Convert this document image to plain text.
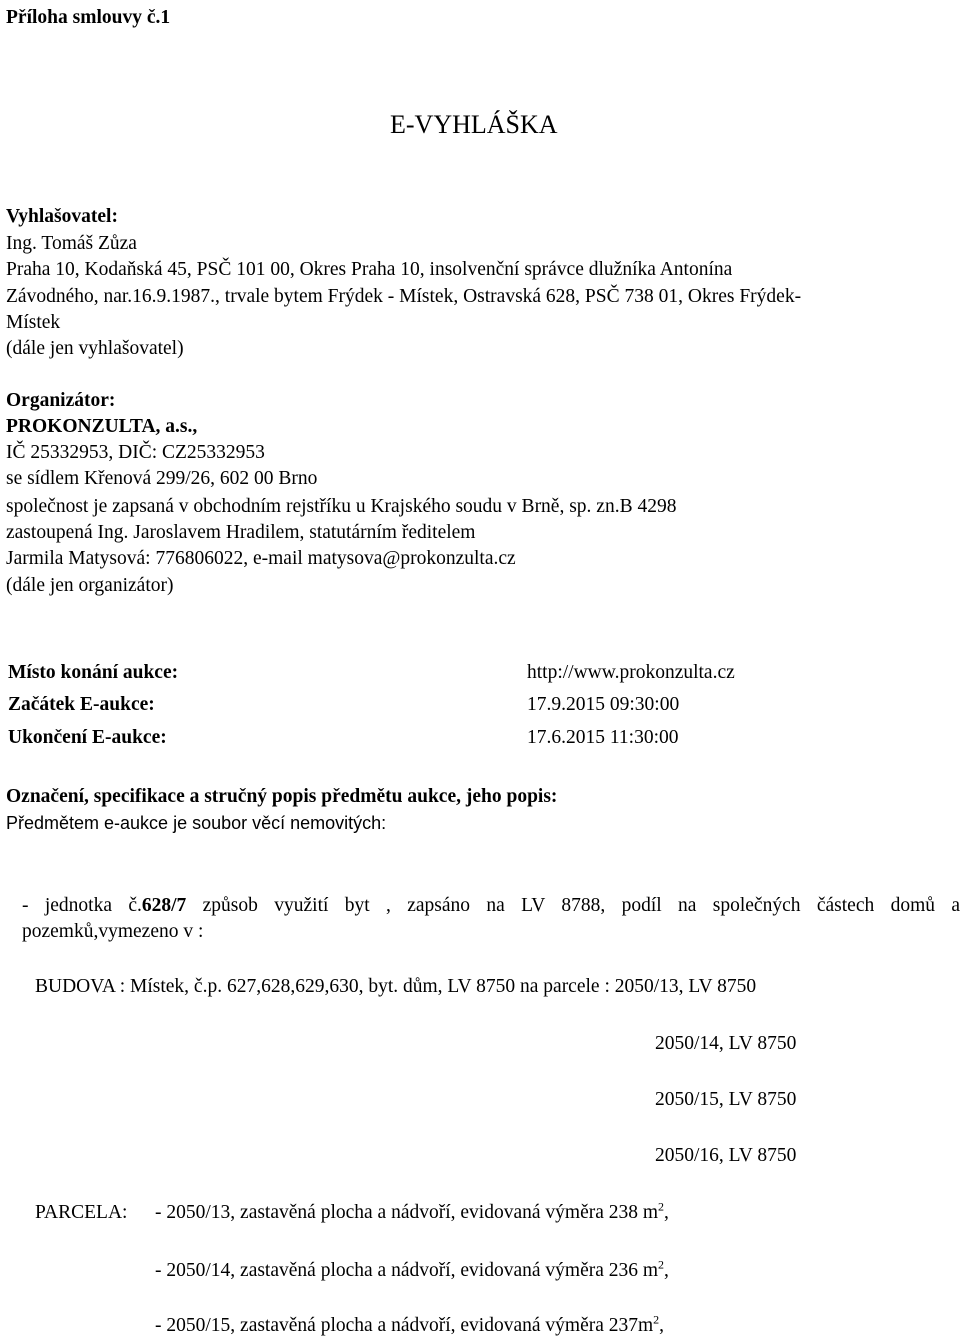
Příloha smlouvy č.1
E-VYHLÁŠKA
Vyhlašovatel:
Ing. Tomáš Zůza
Praha 10, Kodaňská 45, PSČ 101 00, Okres Praha 10, insolvenční správce dlužníka Antonína
Závodného, nar.16.9.1987., trvale bytem Frýdek - Místek, Ostravská 628, PSČ 738 01, Okres Frýdek-
Místek
(dále jen vyhlašovatel)
Organizátor:
PROKONZULTA, a.s.,
IČ 25332953, DIČ: CZ25332953
se sídlem Křenová 299/26, 602 00 Brno
společnost je zapsaná v obchodním rejstříku u Krajského soudu v Brně, sp. zn.B 4298
zastoupená Ing. Jaroslavem Hradilem, statutárním ředitelem
Jarmila Matysová: 776806022, e-mail matysova@prokonzulta.cz
(dále jen organizátor)
Místo konání aukce:	http://www.prokonzulta.cz
Začátek E-aukce:	17.9.2015 09:30:00
Ukončení E-aukce:	17.6.2015 11:30:00
Označení, specifikace a stručný popis předmětu aukce, jeho popis:
Předmětem e-aukce je soubor věcí nemovitých:
- jednotka č.628/7 způsob využití byt , zapsáno na LV 8788, podíl na společných částech domů a
pozemků,vymezeno v :
BUDOVA : Místek, č.p. 627,628,629,630, byt. dům, LV 8750 na parcele : 2050/13, LV 8750
2050/14, LV 8750
2050/15, LV 8750
2050/16, LV 8750
PARCELA: - 2050/13, zastavěná plocha a nádvoří, evidovaná výměra 238 $m^2$,
- 2050/14, zastavěná plocha a nádvoří, evidovaná výměra 236 $m^2$,
- 2050/15, zastavěná plocha a nádvoří, evidovaná výměra $237m^2$,
